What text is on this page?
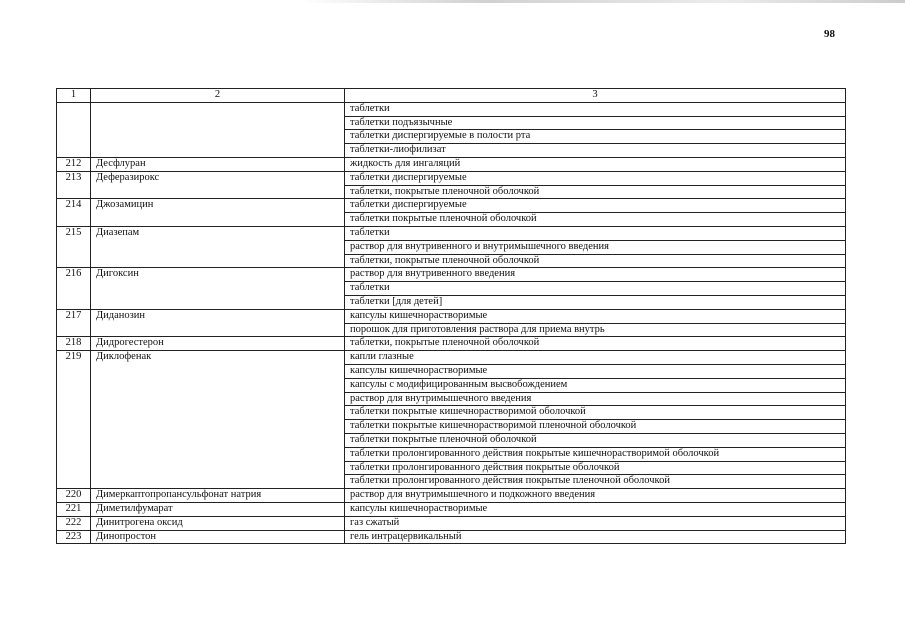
98
1	2	3
		таблетки
		таблетки подъязычные
		таблетки диспергируемые в полости рта
		таблетки-лиофилизат
212	Десфлуран	жидкость для ингаляций
213	Деферазирокс	таблетки диспергируемые
		таблетки, покрытые пленочной оболочкой
214	Джозамицин	таблетки диспергируемые
		таблетки покрытые пленочной оболочкой
215	Диазепам	таблетки
		раствор для внутривенного и внутримышечного введения
		таблетки, покрытые пленочной оболочкой
216	Дигоксин	раствор для внутривенного введения
		таблетки
		таблетки [для детей]
217	Диданозин	капсулы кишечнорастворимые
		порошок для приготовления раствора для приема внутрь
218	Дидрогестерон	таблетки, покрытые пленочной оболочкой
219	Диклофенак	капли глазные
		капсулы кишечнорастворимые
		капсулы с модифицированным высвобождением
		раствор для внутримышечного введения
		таблетки покрытые кишечнорастворимой оболочкой
		таблетки покрытые кишечнорастворимой пленочной оболочкой
		таблетки покрытые пленочной оболочкой
		таблетки пролонгированного действия покрытые кишечнорастворимой оболочкой
		таблетки пролонгированного действия покрытые оболочкой
		таблетки пролонгированного действия покрытые пленочной оболочкой
220	Димеркаптопропансульфонат натрия	раствор для внутримышечного и подкожного введения
221	Диметилфумарат	капсулы кишечнорастворимые
222	Динитрогена оксид	газ сжатый
223	Динопростон	гель интрацервикальный
